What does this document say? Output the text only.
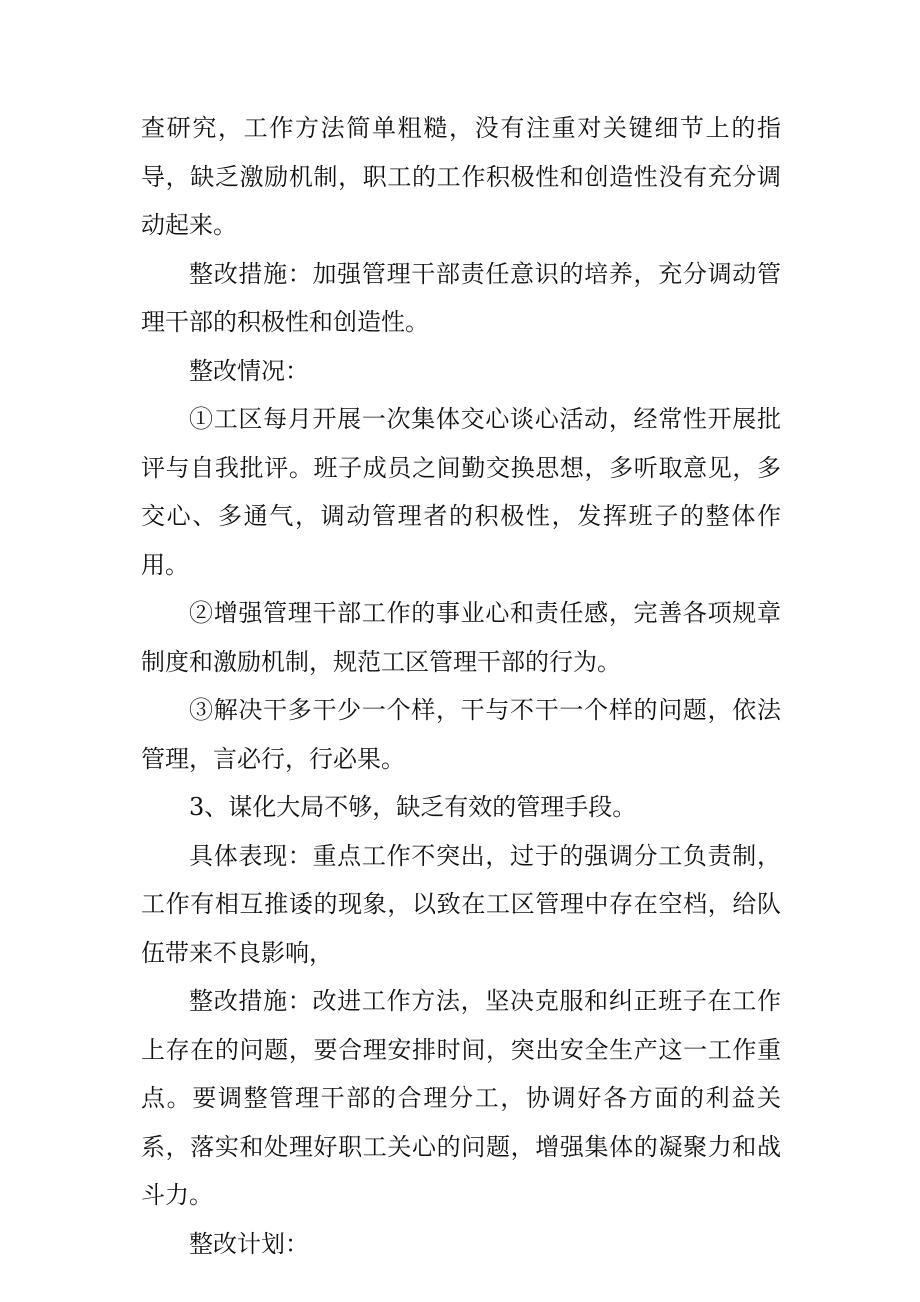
查研究，工作方法简单粗糙，没有注重对关键细节上的指导，缺乏激励机制，职工的工作积极性和创造性没有充分调动起来。

整改措施：加强管理干部责任意识的培养，充分调动管理干部的积极性和创造性。

整改情况：

①工区每月开展一次集体交心谈心活动，经常性开展批评与自我批评。班子成员之间勤交换思想，多听取意见，多交心、多通气，调动管理者的积极性，发挥班子的整体作用。

②增强管理干部工作的事业心和责任感，完善各项规章制度和激励机制，规范工区管理干部的行为。

③解决干多干少一个样，干与不干一个样的问题，依法管理，言必行，行必果。

3、谋化大局不够，缺乏有效的管理手段。

具体表现：重点工作不突出，过于的强调分工负责制，工作有相互推诿的现象，以致在工区管理中存在空档，给队伍带来不良影响，

整改措施：改进工作方法，坚决克服和纠正班子在工作上存在的问题，要合理安排时间，突出安全生产这一工作重点。要调整管理干部的合理分工，协调好各方面的利益关系，落实和处理好职工关心的问题，增强集体的凝聚力和战斗力。

整改计划：
